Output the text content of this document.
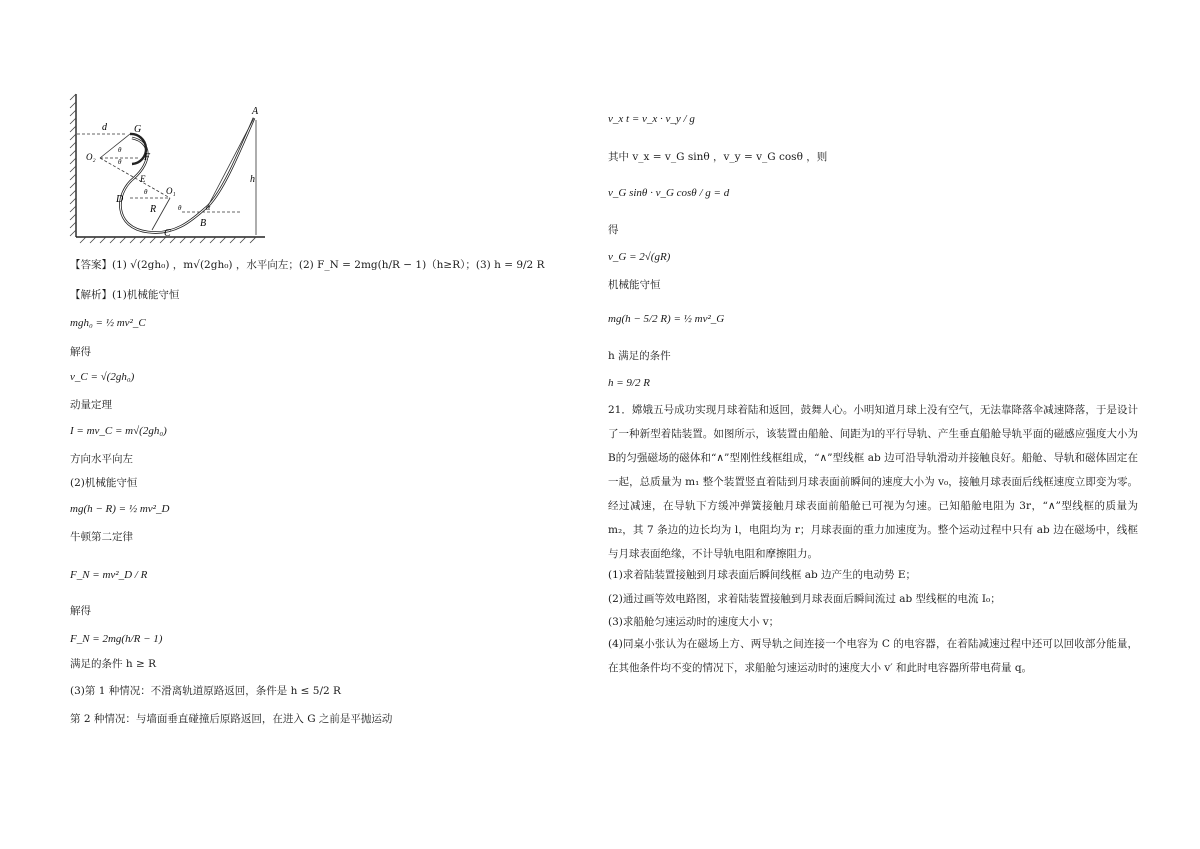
A
d	G
O₂	F
E
O₁
D
R
B
C
h
α
θ
θ
θ
θ
【答案】(1) √(2gh₀) ，m√(2gh₀) ，水平向左；(2) F_N = 2mg(h/R − 1)（h≥R）；(3) h = 9/2 R
【解析】(1)机械能守恒
mgh₀ = ½ mv²_C
解得
v_C = √(2gh₀)
动量定理
I = mv_C = m√(2gh₀)
方向水平向左
(2)机械能守恒
mg(h − R) = ½ mv²_D
牛顿第二定律
F_N = mv²_D / R
解得
F_N = 2mg(h/R − 1)
满足的条件 h ≥ R
(3)第 1 种情况：不滑离轨道原路返回，条件是 h ≤ 5/2 R
第 2 种情况：与墙面垂直碰撞后原路返回，在进入 G 之前是平抛运动
v_x t = v_x · v_y / g
其中 v_x = v_G sinθ ，v_y = v_G cosθ ，则
v_G sinθ · v_G cosθ / g = d
得
v_G = 2√(gR)
机械能守恒
mg(h − 5/2 R) = ½ mv²_G
h 满足的条件
h = 9/2 R
21．嫦娥五号成功实现月球着陆和返回，鼓舞人心。小明知道月球上没有空气，无法靠降落伞减速降落，于是设计了一种新型着陆装置。如图所示，该装置由船舱、间距为l的平行导轨、产生垂直船舱导轨平面的磁感应强度大小为B的匀强磁场的磁体和“∧”型刚性线框组成，“∧”型线框 ab 边可沿导轨滑动并接触良好。船舱、导轨和磁体固定在一起，总质量为 m₁ 整个装置竖直着陆到月球表面前瞬间的速度大小为 v₀，接触月球表面后线框速度立即变为零。经过减速，在导轨下方缓冲弹簧接触月球表面前船舱已可视为匀速。已知船舱电阻为 3r，“∧”型线框的质量为 m₂，其 7 条边的边长均为 l，电阻均为 r；月球表面的重力加速度为。整个运动过程中只有 ab 边在磁场中，线框与月球表面绝缘，不计导轨电阻和摩擦阻力。
(1)求着陆装置接触到月球表面后瞬间线框 ab 边产生的电动势 E；
(2)通过画等效电路图，求着陆装置接触到月球表面后瞬间流过 ab 型线框的电流 I₀；
(3)求船舱匀速运动时的速度大小 v；
(4)同桌小张认为在磁场上方、两导轨之间连接一个电容为 C 的电容器，在着陆减速过程中还可以回收部分能量，在其他条件均不变的情况下，求船舱匀速运动时的速度大小 v′ 和此时电容器所带电荷量 q。
